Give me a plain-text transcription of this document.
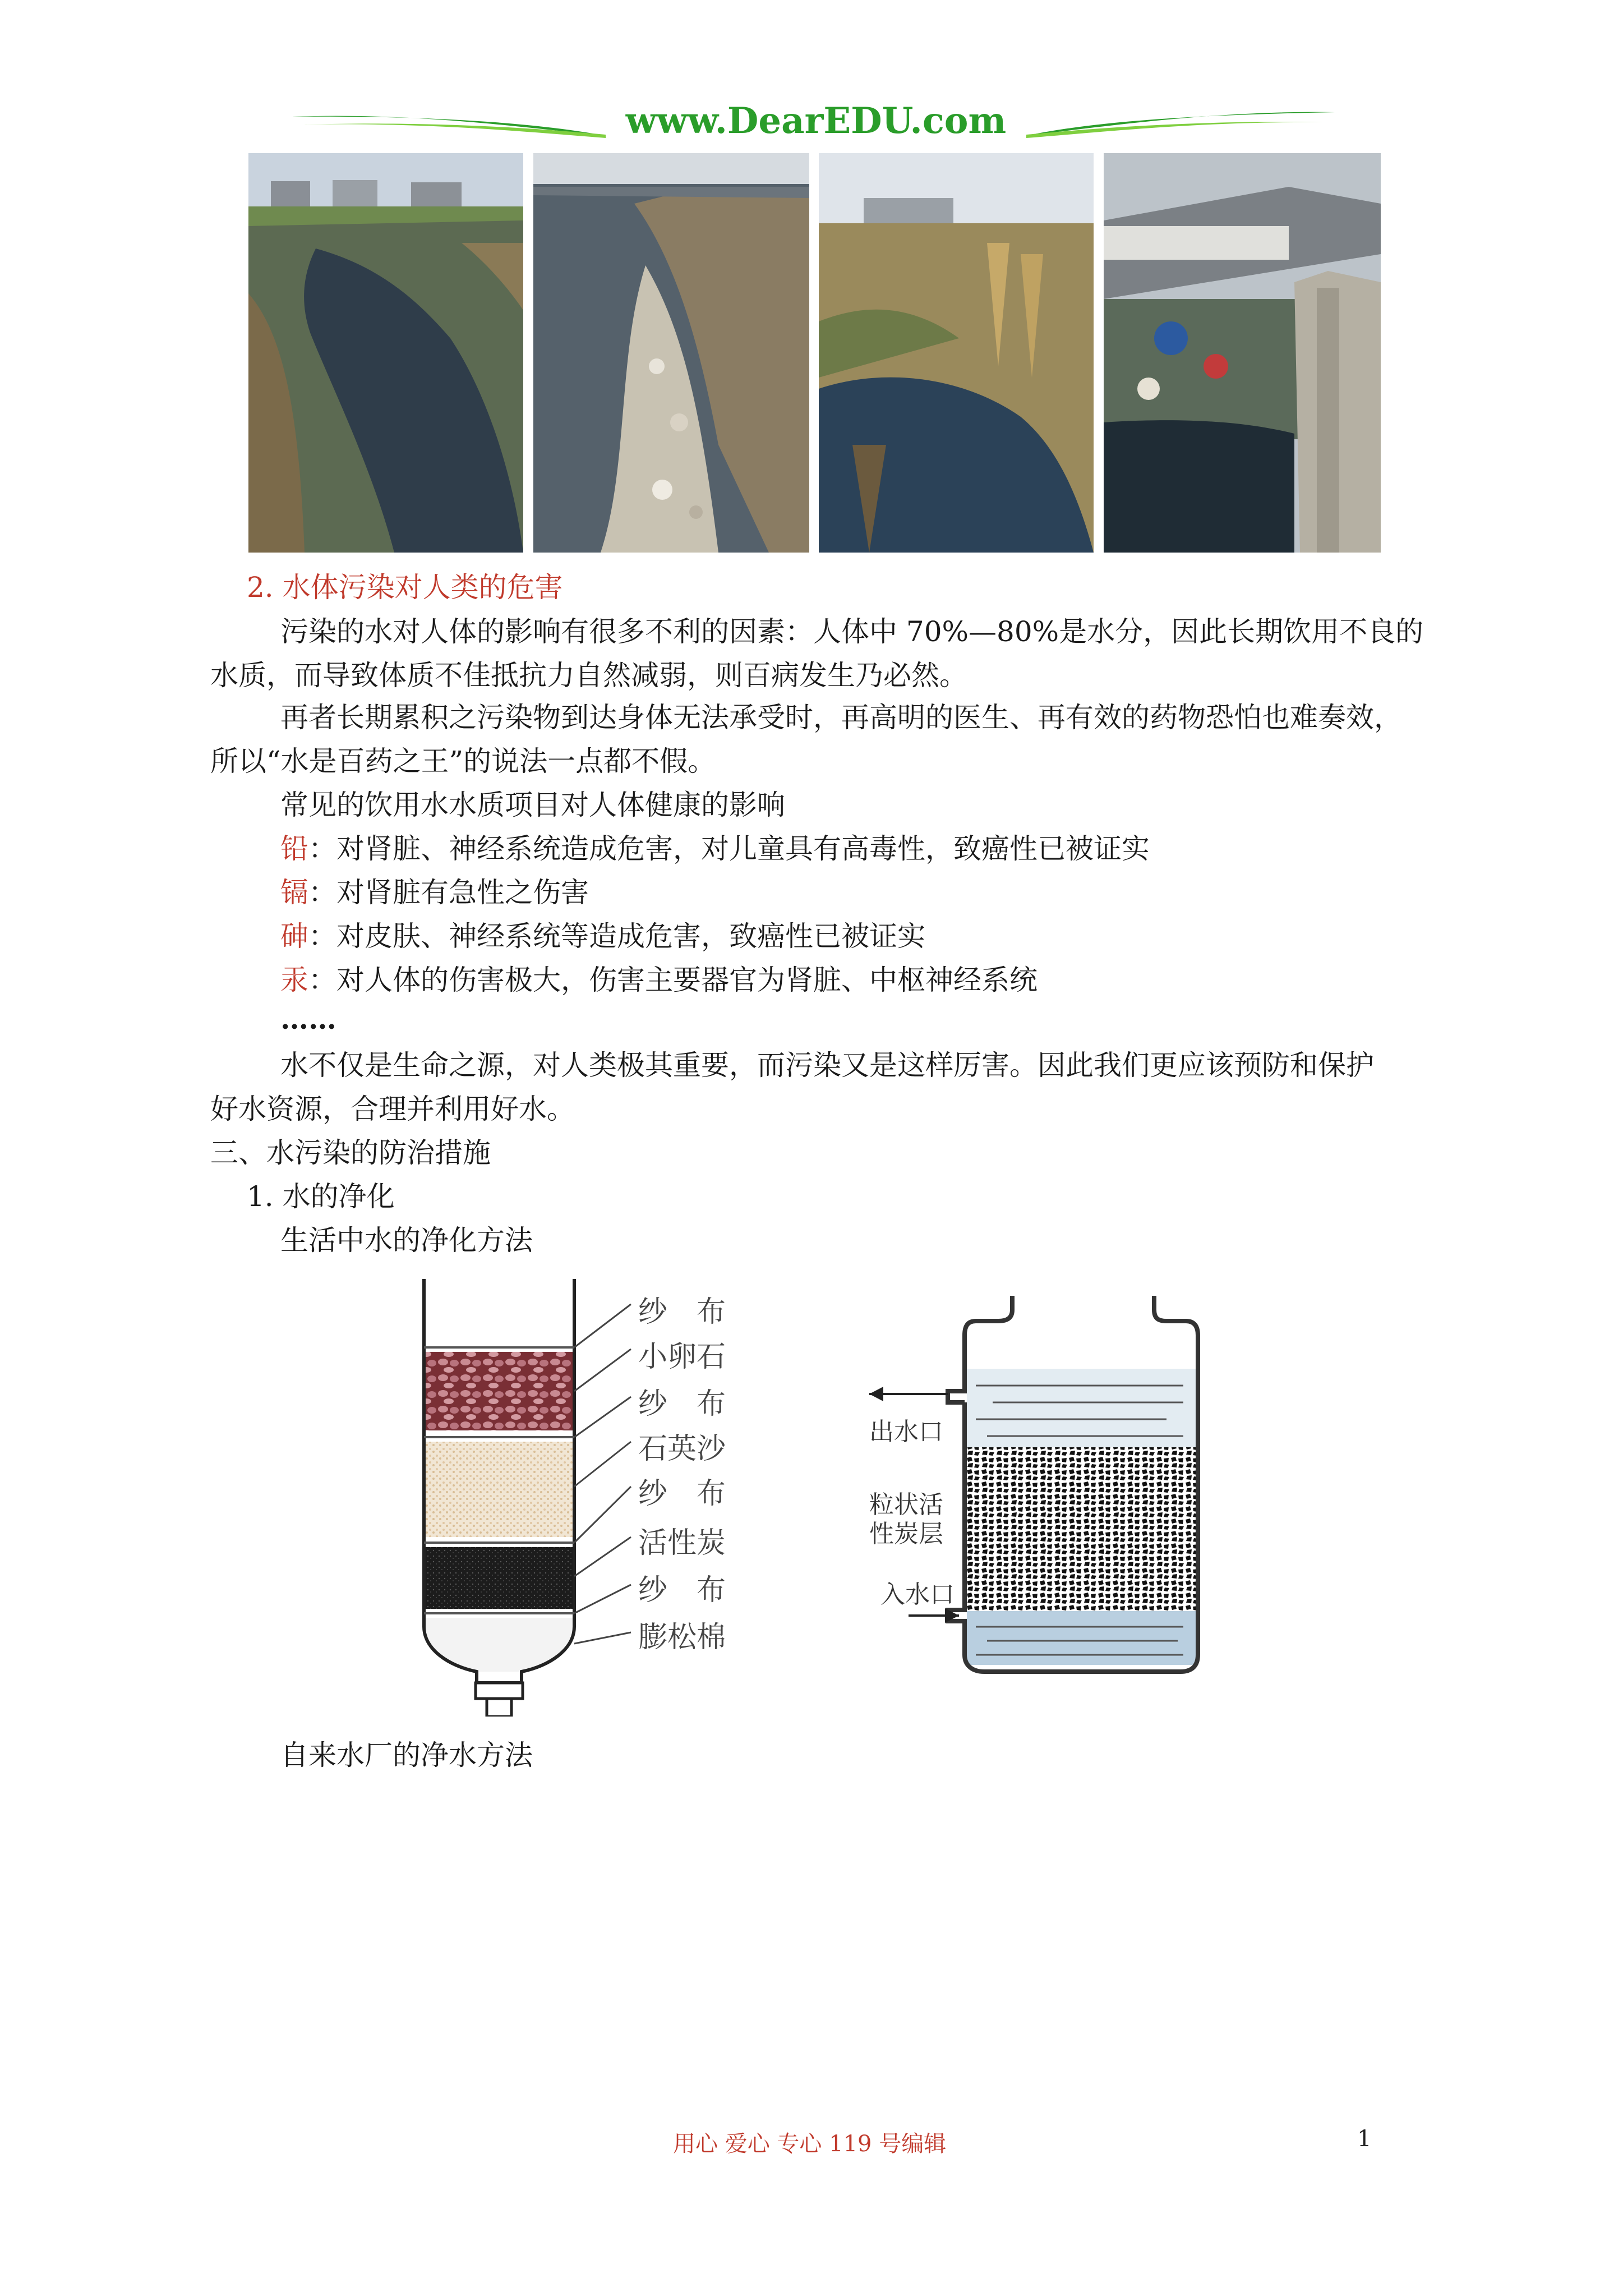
www.DearEDU.com
2. 水体污染对人类的危害
污染的水对人体的影响有很多不利的因素：人体中 70%—80%是水分，因此长期饮用不良的
水质，而导致体质不佳抵抗力自然减弱，则百病发生乃必然。
再者长期累积之污染物到达身体无法承受时，再高明的医生、再有效的药物恐怕也难奏效，
所以“水是百药之王”的说法一点都不假。
常见的饮用水水质项目对人体健康的影响
铅：对肾脏、神经系统造成危害，对儿童具有高毒性，致癌性已被证实
镉：对肾脏有急性之伤害
砷：对皮肤、神经系统等造成危害，致癌性已被证实
汞：对人体的伤害极大，伤害主要器官为肾脏、中枢神经系统
……
水不仅是生命之源，对人类极其重要，而污染又是这样厉害。因此我们更应该预防和保护
好水资源，合理并利用好水。
三、水污染的防治措施
1. 水的净化
生活中水的净化方法
纱　布
小卵石
纱　布
石英沙
纱　布
活性炭
纱　布
膨松棉
出水口
粒状活
性炭层
入水口
自来水厂的净水方法
用心 爱心 专心 119 号编辑	1
